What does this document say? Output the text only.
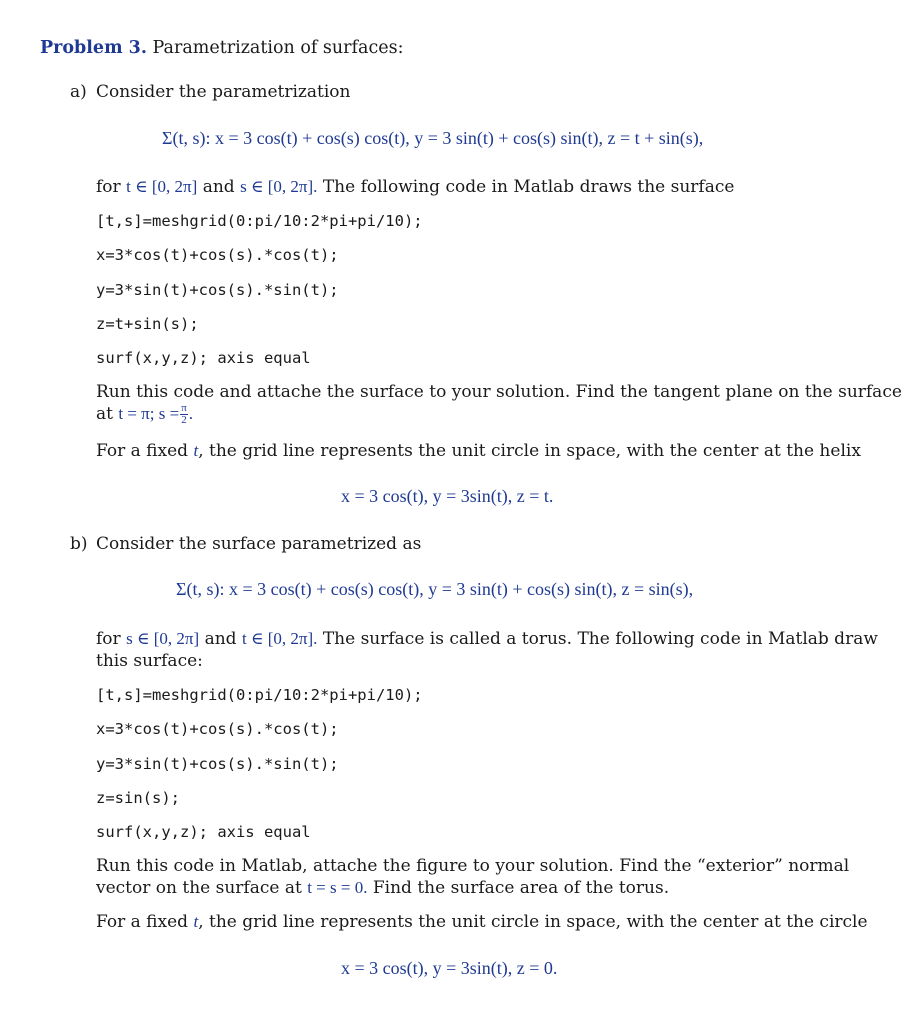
Problem 3. Parametrization of surfaces:
a) Consider the parametrization
Σ(t, s): x = 3 cos(t) + cos(s) cos(t), y = 3 sin(t) + cos(s) sin(t), z = t + sin(s),
for t ∈ [0, 2π] and s ∈ [0, 2π]. The following code in Matlab draws the surface
[t,s]=meshgrid(0:pi/10:2*pi+pi/10);
x=3*cos(t)+cos(s).*cos(t);
y=3*sin(t)+cos(s).*sin(t);
z=t+sin(s);
surf(x,y,z); axis equal
Run this code and attache the surface to your solution. Find the tangent plane on the surface
at t = π; $s = \frac{\pi}{2}$ .
For a fixed t, the grid line represents the unit circle in space, with the center at the helix
x = 3 cos(t), y = 3sin(t), z = t.
b) Consider the surface parametrized as
Σ(t, s): x = 3 cos(t) + cos(s) cos(t), y = 3 sin(t) + cos(s) sin(t), z = sin(s),
for s ∈ [0, 2π] and t ∈ [0, 2π]. The surface is called a torus. The following code in Matlab draw
this surface:
[t,s]=meshgrid(0:pi/10:2*pi+pi/10);
x=3*cos(t)+cos(s).*cos(t);
y=3*sin(t)+cos(s).*sin(t);
z=sin(s);
surf(x,y,z); axis equal
Run this code in Matlab, attache the figure to your solution. Find the “exterior” normal
vector on the surface at t = s = 0. Find the surface area of the torus.
For a fixed t, the grid line represents the unit circle in space, with the center at the circle
x = 3 cos(t), y = 3sin(t), z = 0.
